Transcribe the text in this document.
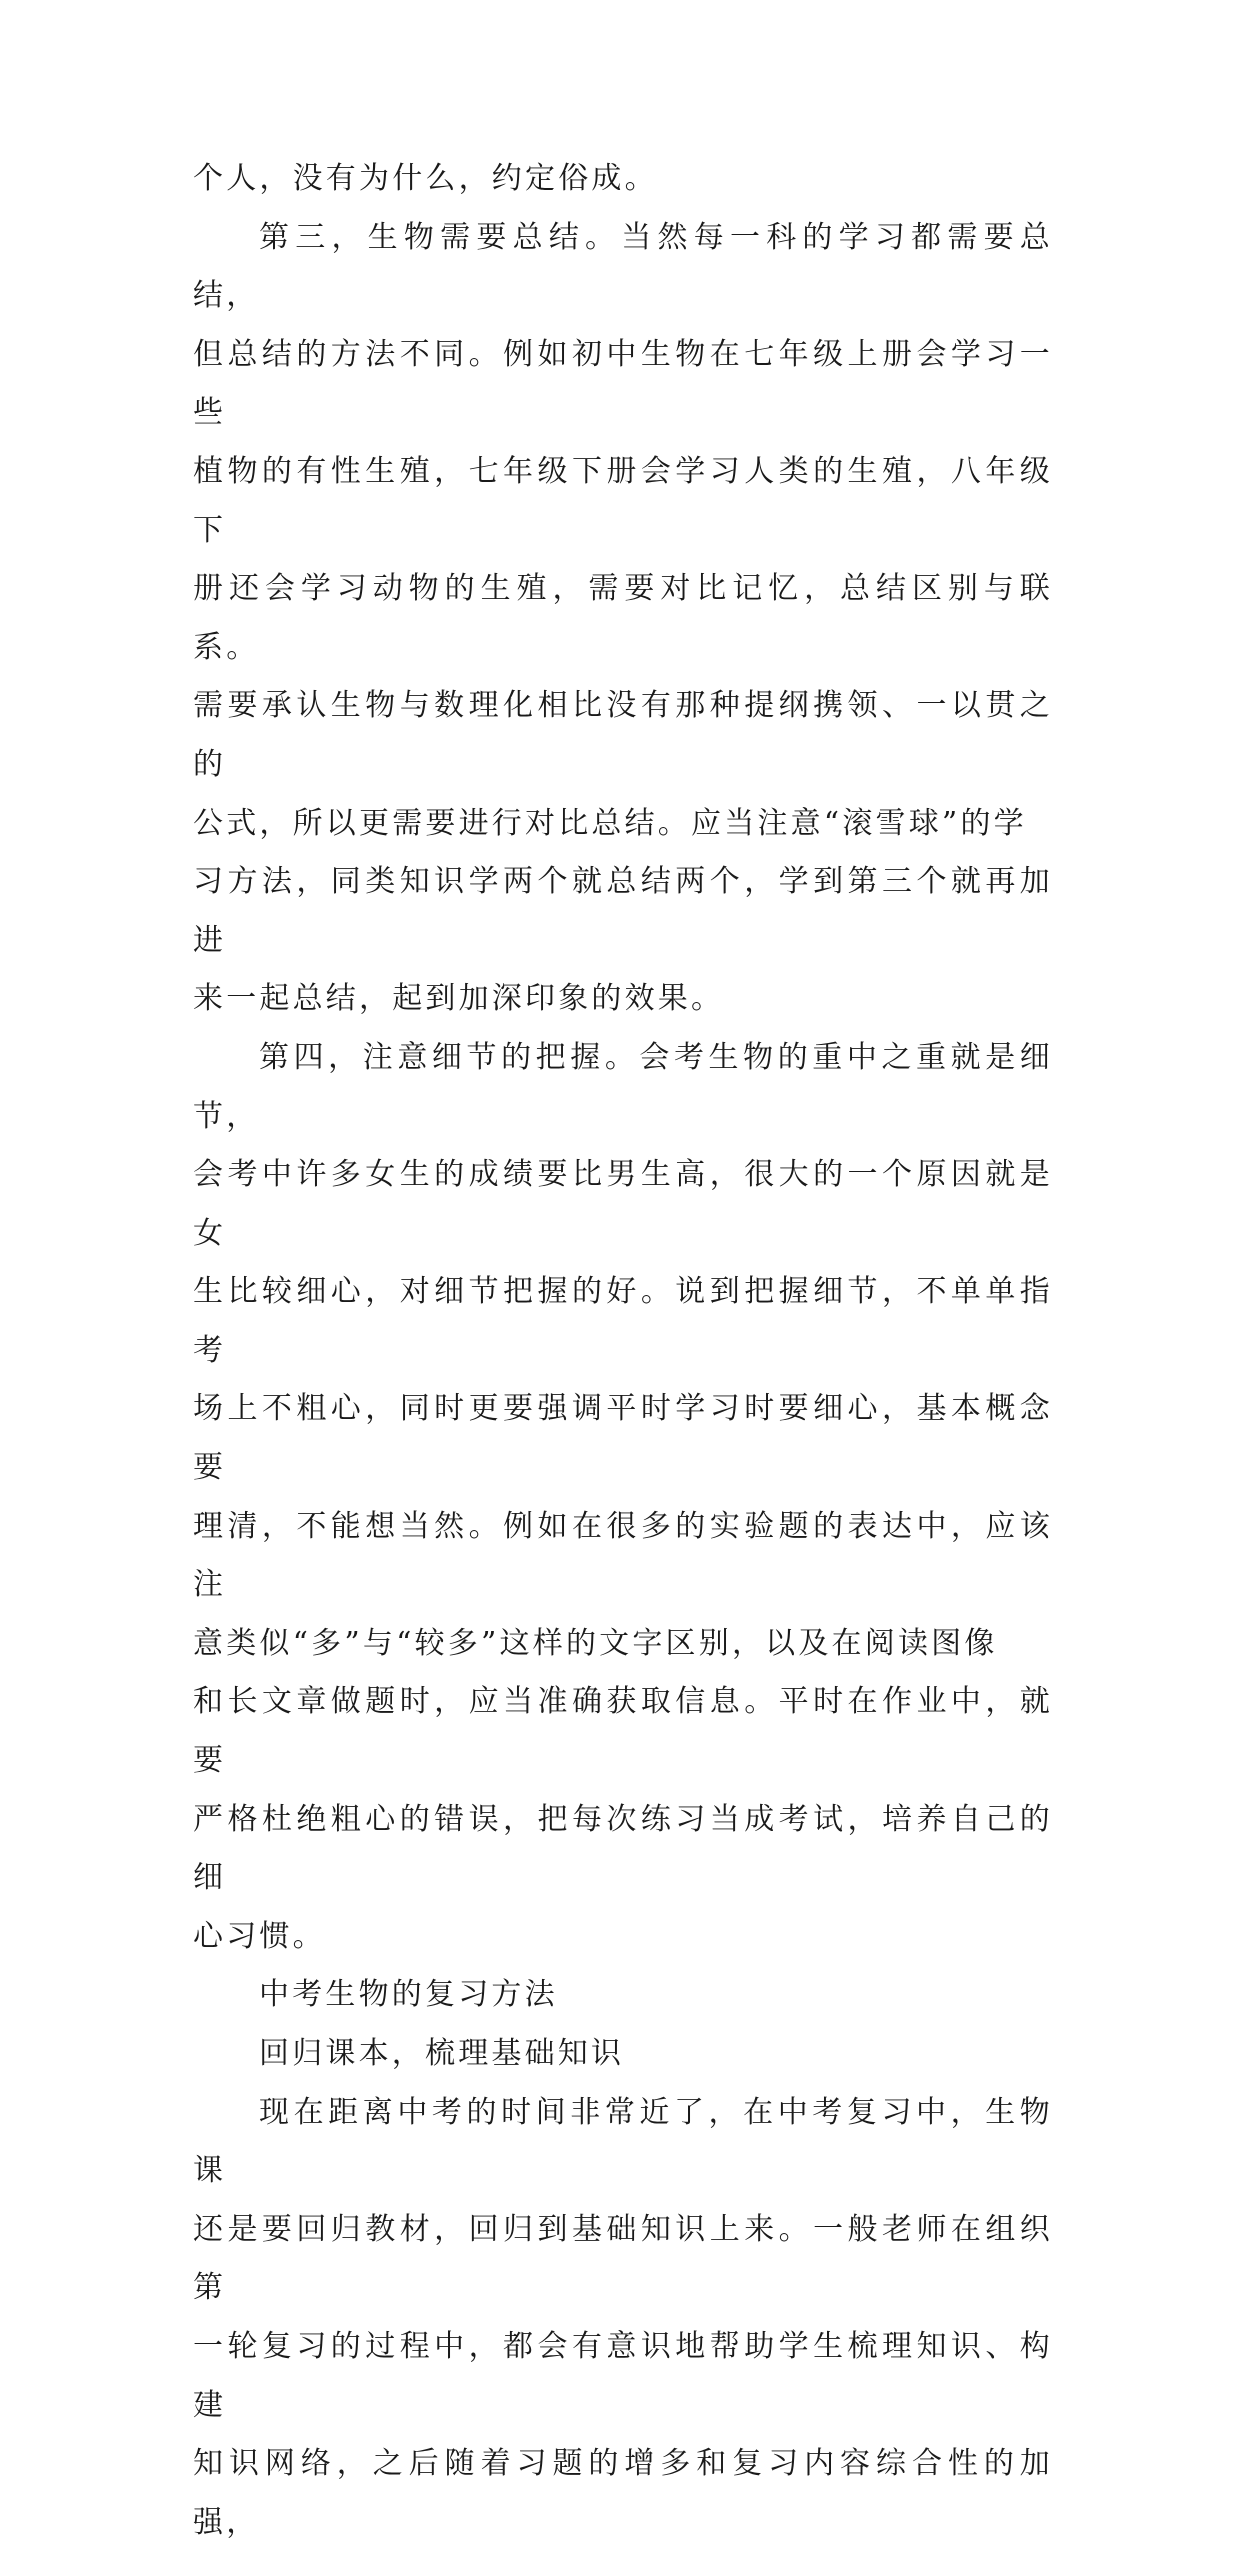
个人，没有为什么，约定俗成。

第三，生物需要总结。当然每一科的学习都需要总结，
但总结的方法不同。例如初中生物在七年级上册会学习一些
植物的有性生殖，七年级下册会学习人类的生殖，八年级下
册还会学习动物的生殖，需要对比记忆，总结区别与联系。
需要承认生物与数理化相比没有那种提纲携领、一以贯之的
公式，所以更需要进行对比总结。应当注意“滚雪球”的学
习方法，同类知识学两个就总结两个，学到第三个就再加进
来一起总结，起到加深印象的效果。

第四，注意细节的把握。会考生物的重中之重就是细节，
会考中许多女生的成绩要比男生高，很大的一个原因就是女
生比较细心，对细节把握的好。说到把握细节，不单单指考
场上不粗心，同时更要强调平时学习时要细心，基本概念要
理清，不能想当然。例如在很多的实验题的表达中，应该注
意类似“多”与“较多”这样的文字区别，以及在阅读图像
和长文章做题时，应当准确获取信息。平时在作业中，就要
严格杜绝粗心的错误，把每次练习当成考试，培养自己的细
心习惯。

中考生物的复习方法

回归课本，梳理基础知识

现在距离中考的时间非常近了，在中考复习中，生物课
还是要回归教材，回归到基础知识上来。一般老师在组织第
一轮复习的过程中，都会有意识地帮助学生梳理知识、构建
知识网络，之后随着习题的增多和复习内容综合性的加强，
